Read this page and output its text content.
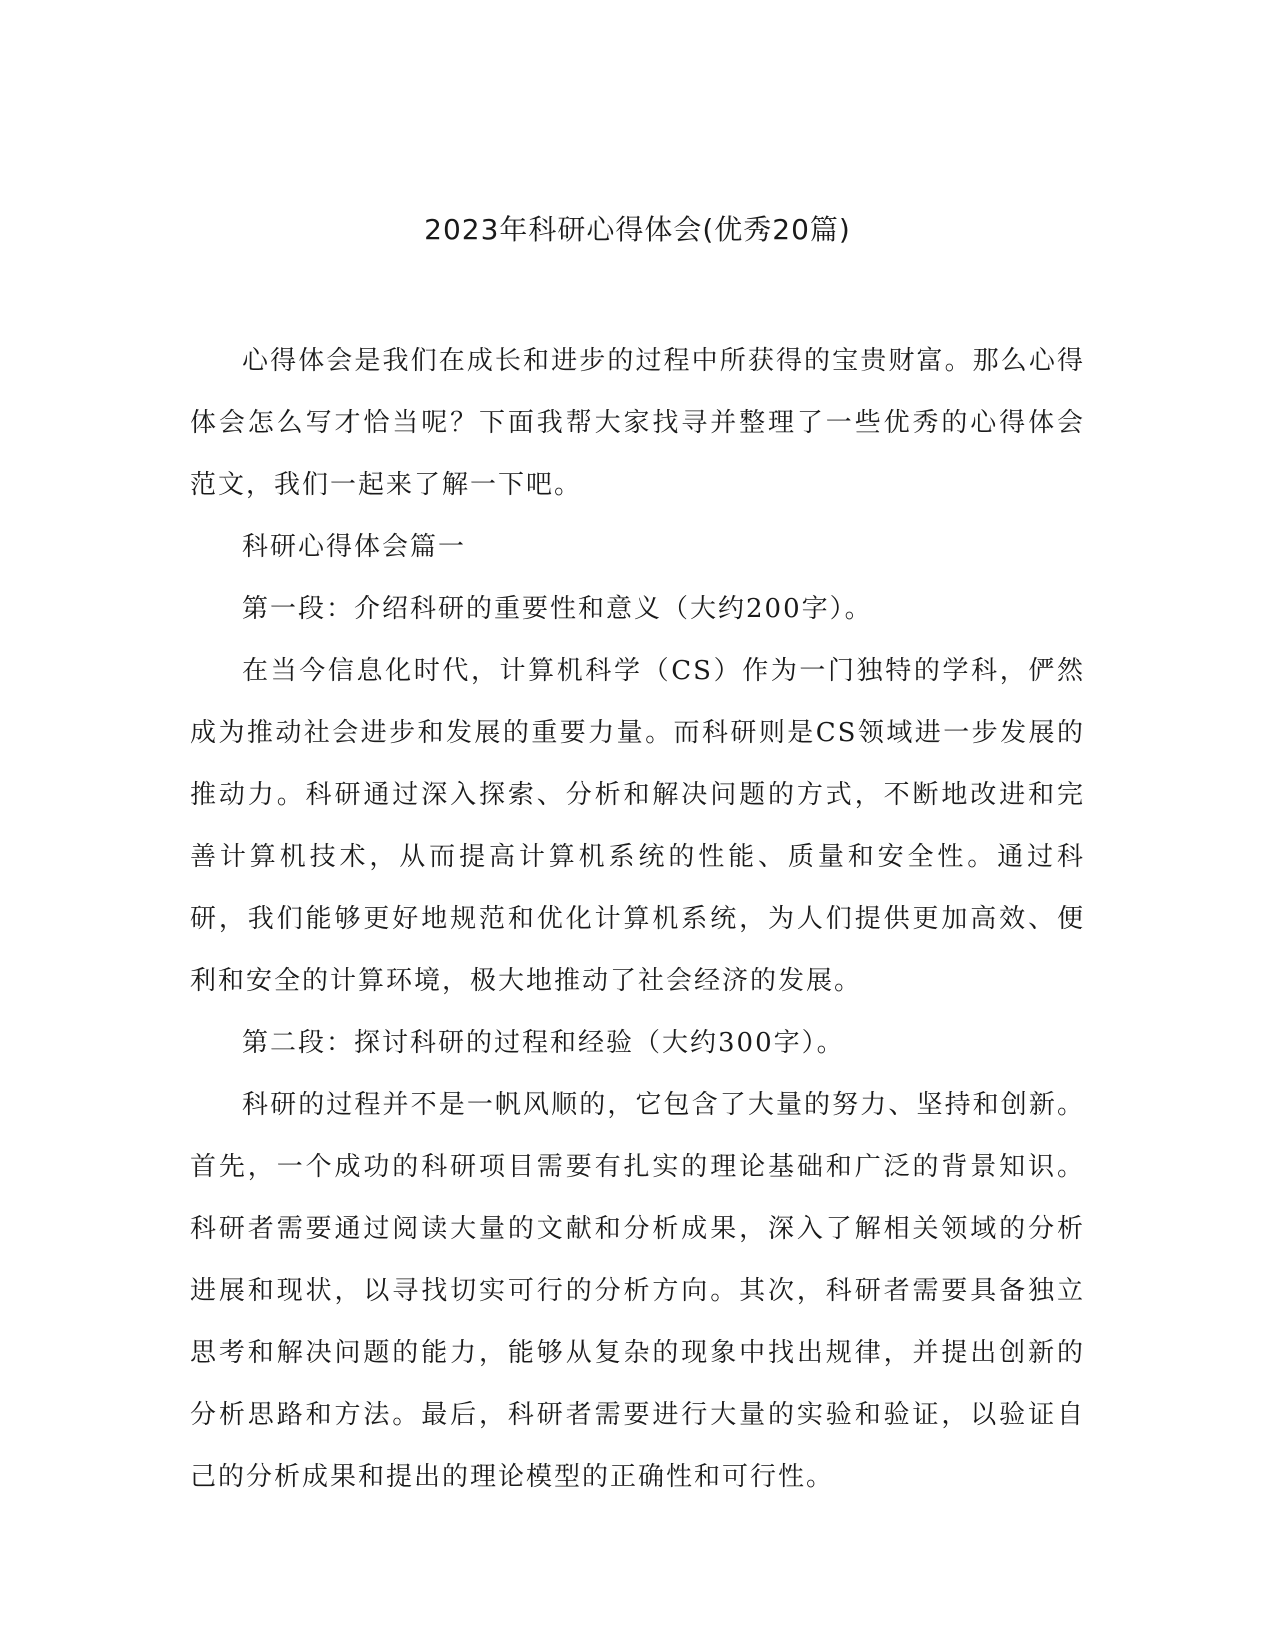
2023年科研心得体会(优秀20篇)

心得体会是我们在成长和进步的过程中所获得的宝贵财富。那么心得体会怎么写才恰当呢？下面我帮大家找寻并整理了一些优秀的心得体会范文，我们一起来了解一下吧。

科研心得体会篇一

第一段：介绍科研的重要性和意义（大约200字）。

在当今信息化时代，计算机科学（CS）作为一门独特的学科，俨然成为推动社会进步和发展的重要力量。而科研则是CS领域进一步发展的推动力。科研通过深入探索、分析和解决问题的方式，不断地改进和完善计算机技术，从而提高计算机系统的性能、质量和安全性。通过科研，我们能够更好地规范和优化计算机系统，为人们提供更加高效、便利和安全的计算环境，极大地推动了社会经济的发展。

第二段：探讨科研的过程和经验（大约300字）。

科研的过程并不是一帆风顺的，它包含了大量的努力、坚持和创新。首先，一个成功的科研项目需要有扎实的理论基础和广泛的背景知识。科研者需要通过阅读大量的文献和分析成果，深入了解相关领域的分析进展和现状，以寻找切实可行的分析方向。其次，科研者需要具备独立思考和解决问题的能力，能够从复杂的现象中找出规律，并提出创新的分析思路和方法。最后，科研者需要进行大量的实验和验证，以验证自己的分析成果和提出的理论模型的正确性和可行性。
